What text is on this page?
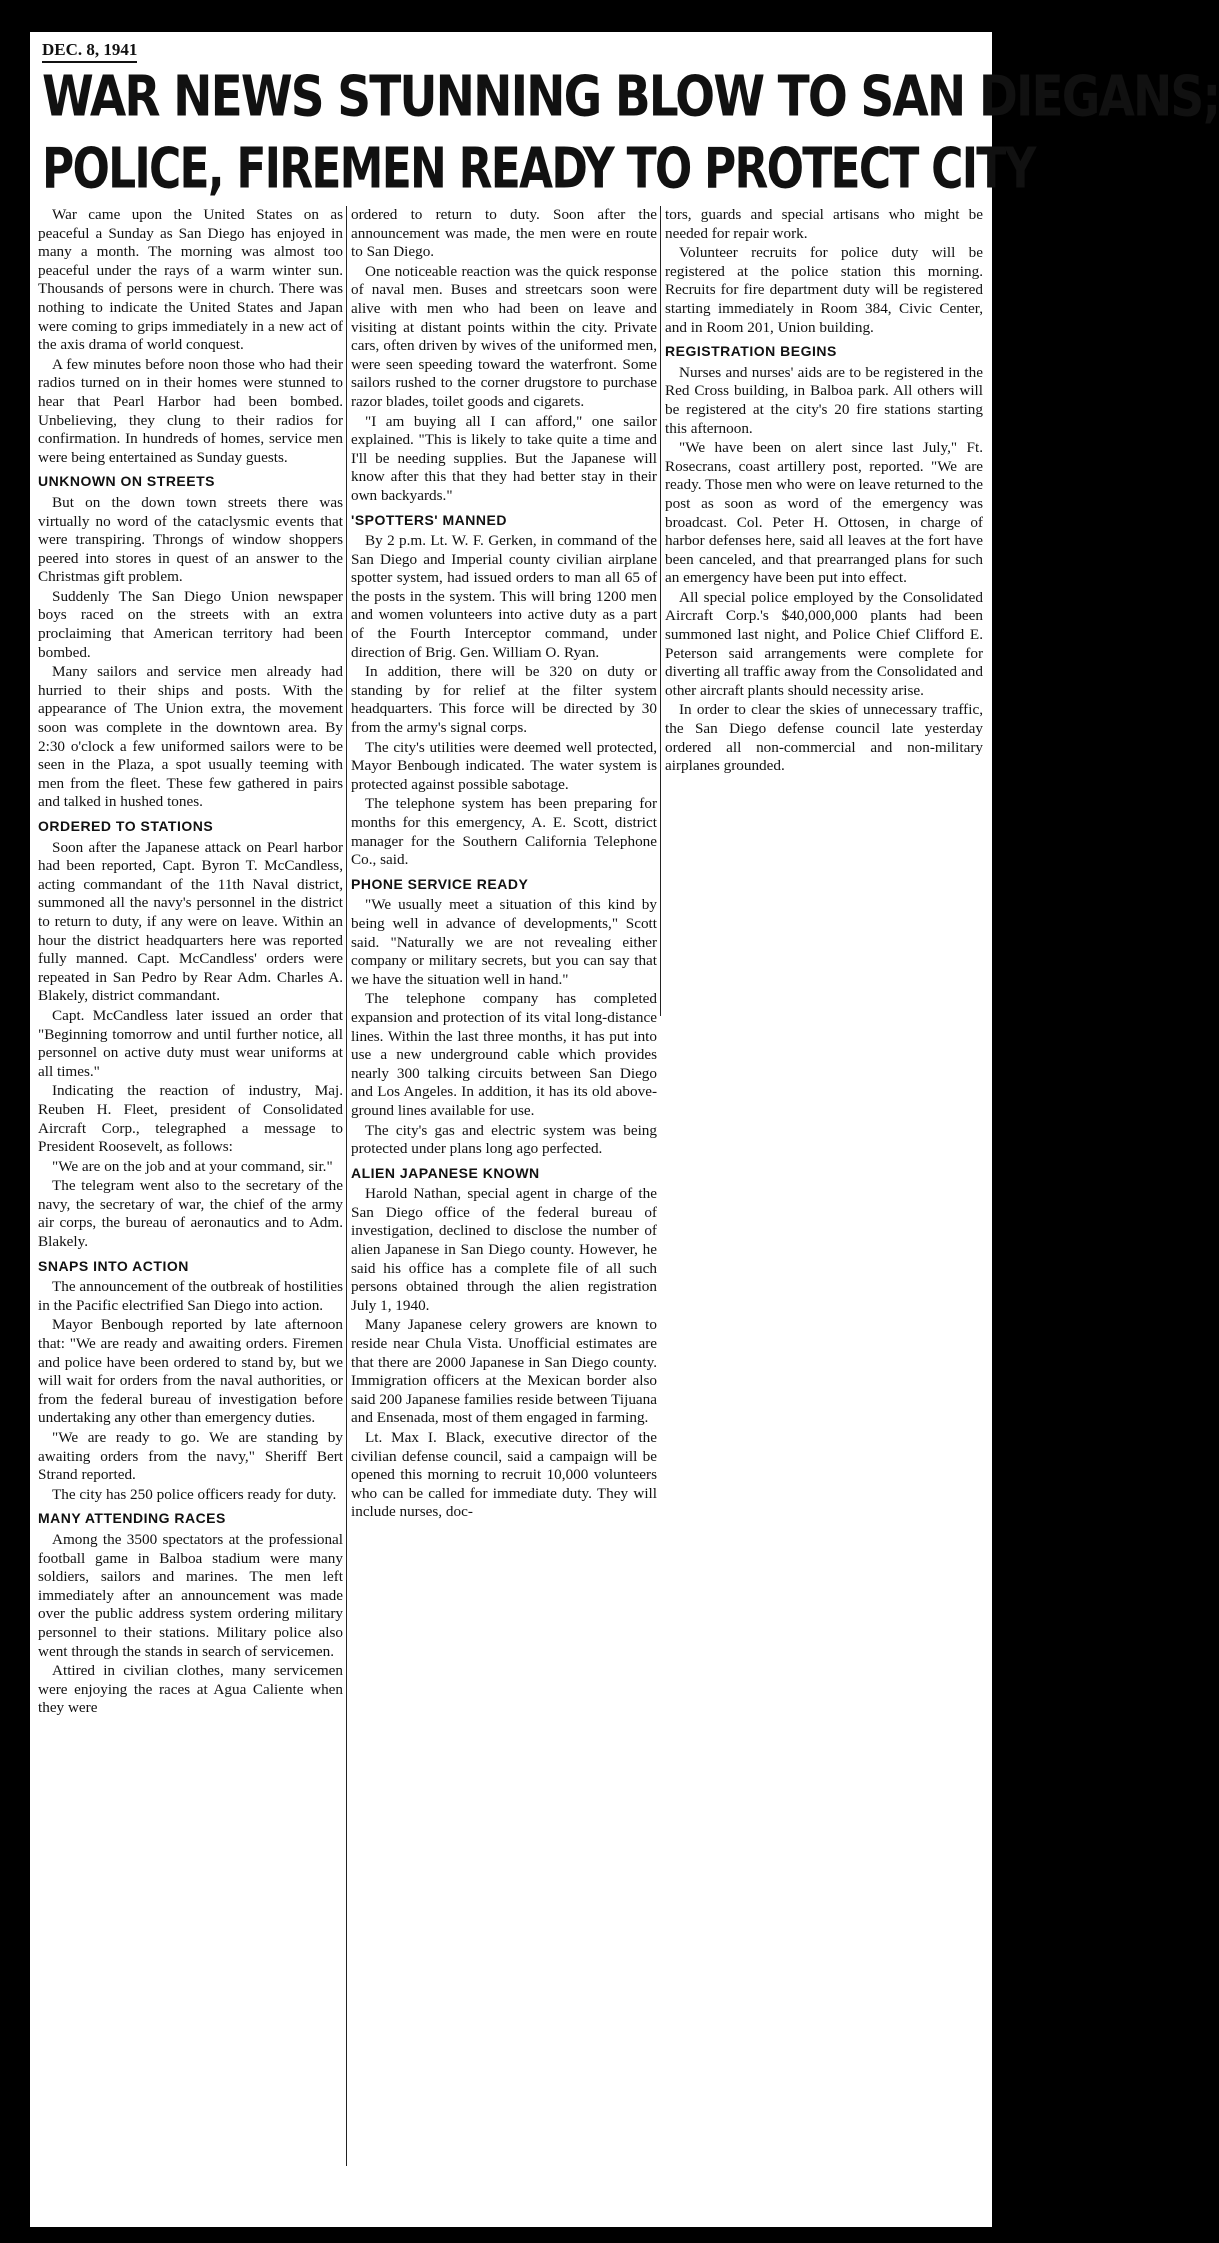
DEC. 8, 1941
WAR NEWS STUNNING BLOW TO SAN DIEGANS;
POLICE, FIREMEN READY TO PROTECT CITY

War came upon the United States on as peaceful a Sunday as San Diego has enjoyed in many a month. The morning was almost too peaceful under the rays of a warm winter sun. Thousands of persons were in church. There was nothing to indicate the United States and Japan were coming to grips immediately in a new act of the axis drama of world conquest.

A few minutes before noon those who had their radios turned on in their homes were stunned to hear that Pearl Harbor had been bombed. Unbelieving, they clung to their radios for confirmation. In hundreds of homes, service men were being entertained as Sunday guests.

UNKNOWN ON STREETS

But on the down town streets there was virtually no word of the cataclysmic events that were transpiring. Throngs of window shoppers peered into stores in quest of an answer to the Christmas gift problem.

Suddenly The San Diego Union newspaper boys raced on the streets with an extra proclaiming that American territory had been bombed.

Many sailors and service men already had hurried to their ships and posts. With the appearance of The Union extra, the movement soon was complete in the downtown area. By 2:30 o'clock a few uniformed sailors were to be seen in the Plaza, a spot usually teeming with men from the fleet. These few gathered in pairs and talked in hushed tones.

ORDERED TO STATIONS

Soon after the Japanese attack on Pearl harbor had been reported, Capt. Byron T. McCandless, acting commandant of the 11th Naval district, summoned all the navy's personnel in the district to return to duty, if any were on leave. Within an hour the district headquarters here was reported fully manned. Capt. McCandless' orders were repeated in San Pedro by Rear Adm. Charles A. Blakely, district commandant.

Capt. McCandless later issued an order that "Beginning tomorrow and until further notice, all personnel on active duty must wear uniforms at all times."

Indicating the reaction of industry, Maj. Reuben H. Fleet, president of Consolidated Aircraft Corp., telegraphed a message to President Roosevelt, as follows:

"We are on the job and at your command, sir."

The telegram went also to the secretary of the navy, the secretary of war, the chief of the army air corps, the bureau of aeronautics and to Adm. Blakely.

SNAPS INTO ACTION

The announcement of the outbreak of hostilities in the Pacific electrified San Diego into action.

Mayor Benbough reported by late afternoon that: "We are ready and awaiting orders. Firemen and police have been ordered to stand by, but we will wait for orders from the naval authorities, or from the federal bureau of investigation before undertaking any other than emergency duties.

"We are ready to go. We are standing by awaiting orders from the navy," Sheriff Bert Strand reported.

The city has 250 police officers ready for duty.

MANY ATTENDING RACES

Among the 3500 spectators at the professional football game in Balboa stadium were many soldiers, sailors and marines. The men left immediately after an announcement was made over the public address system ordering military personnel to their stations. Military police also went through the stands in search of servicemen.

Attired in civilian clothes, many servicemen were enjoying the races at Agua Caliente when they were

ordered to return to duty. Soon after the announcement was made, the men were en route to San Diego.

One noticeable reaction was the quick response of naval men. Buses and streetcars soon were alive with men who had been on leave and visiting at distant points within the city. Private cars, often driven by wives of the uniformed men, were seen speeding toward the waterfront. Some sailors rushed to the corner drugstore to purchase razor blades, toilet goods and cigarets.

"I am buying all I can afford," one sailor explained. "This is likely to take quite a time and I'll be needing supplies. But the Japanese will know after this that they had better stay in their own backyards."

'SPOTTERS' MANNED

By 2 p.m. Lt. W. F. Gerken, in command of the San Diego and Imperial county civilian airplane spotter system, had issued orders to man all 65 of the posts in the system. This will bring 1200 men and women volunteers into active duty as a part of the Fourth Interceptor command, under direction of Brig. Gen. William O. Ryan.

In addition, there will be 320 on duty or standing by for relief at the filter system headquarters. This force will be directed by 30 from the army's signal corps.

The city's utilities were deemed well protected, Mayor Benbough indicated. The water system is protected against possible sabotage.

The telephone system has been preparing for months for this emergency, A. E. Scott, district manager for the Southern California Telephone Co., said.

PHONE SERVICE READY

"We usually meet a situation of this kind by being well in advance of developments," Scott said. "Naturally we are not revealing either company or military secrets, but you can say that we have the situation well in hand."

The telephone company has completed expansion and protection of its vital long-distance lines. Within the last three months, it has put into use a new underground cable which provides nearly 300 talking circuits between San Diego and Los Angeles. In addition, it has its old above-ground lines available for use.

The city's gas and electric system was being protected under plans long ago perfected.

ALIEN JAPANESE KNOWN

Harold Nathan, special agent in charge of the San Diego office of the federal bureau of investigation, declined to disclose the number of alien Japanese in San Diego county. However, he said his office has a complete file of all such persons obtained through the alien registration July 1, 1940.

Many Japanese celery growers are known to reside near Chula Vista. Unofficial estimates are that there are 2000 Japanese in San Diego county. Immigration officers at the Mexican border also said 200 Japanese families reside between Tijuana and Ensenada, most of them engaged in farming.

Lt. Max I. Black, executive director of the civilian defense council, said a campaign will be opened this morning to recruit 10,000 volunteers who can be called for immediate duty. They will include nurses, doc-

tors, guards and special artisans who might be needed for repair work.

Volunteer recruits for police duty will be registered at the police station this morning. Recruits for fire department duty will be registered starting immediately in Room 384, Civic Center, and in Room 201, Union building.

REGISTRATION BEGINS

Nurses and nurses' aids are to be registered in the Red Cross building, in Balboa park. All others will be registered at the city's 20 fire stations starting this afternoon.

"We have been on alert since last July," Ft. Rosecrans, coast artillery post, reported. "We are ready. Those men who were on leave returned to the post as soon as word of the emergency was broadcast. Col. Peter H. Ottosen, in charge of harbor defenses here, said all leaves at the fort have been canceled, and that prearranged plans for such an emergency have been put into effect.

All special police employed by the Consolidated Aircraft Corp.'s $40,000,000 plants had been summoned last night, and Police Chief Clifford E. Peterson said arrangements were complete for diverting all traffic away from the Consolidated and other aircraft plants should necessity arise.

In order to clear the skies of unnecessary traffic, the San Diego defense council late yesterday ordered all non-commercial and non-military airplanes grounded.
